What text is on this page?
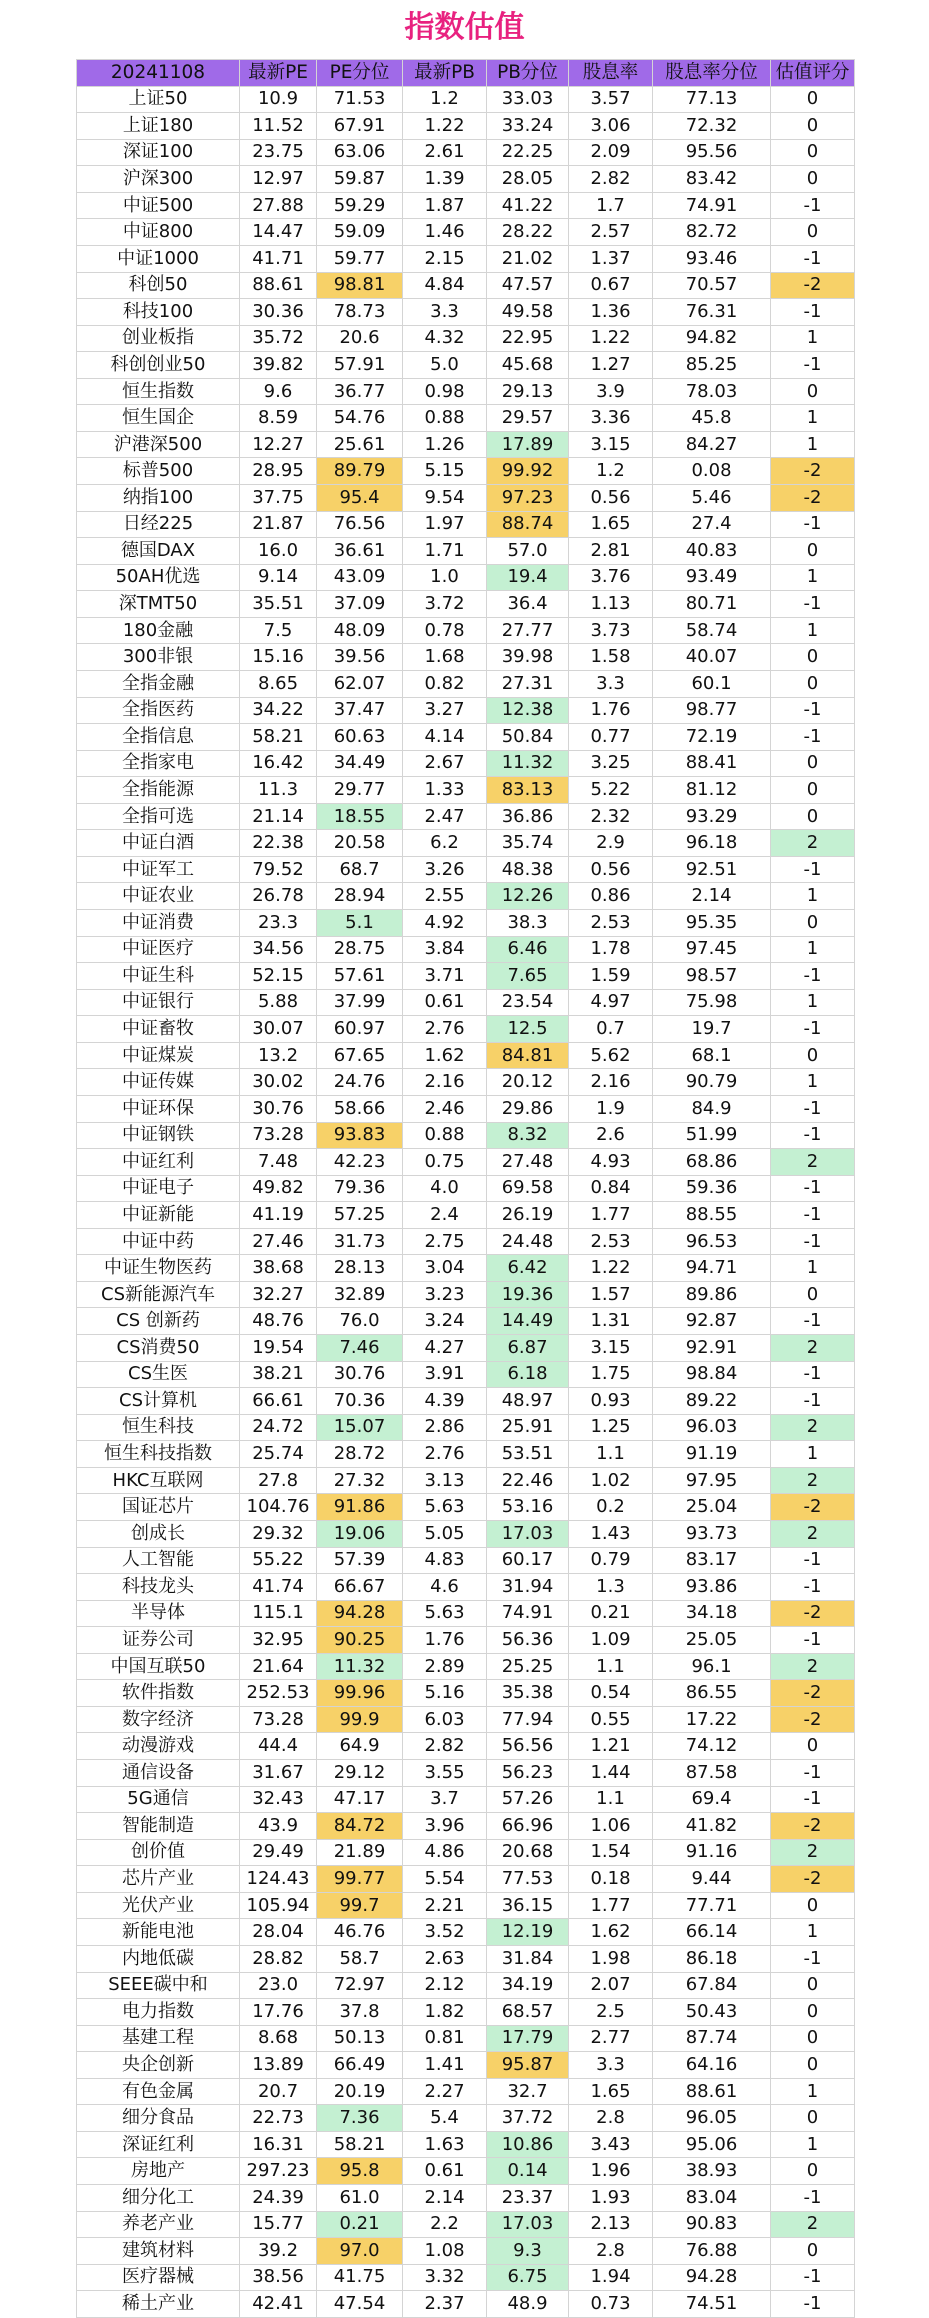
指数估值
20241108	最新PE	PE分位	最新PB	PB分位	股息率	股息率分位	估值评分
上证50	10.9	71.53	1.2	33.03	3.57	77.13	0
上证180	11.52	67.91	1.22	33.24	3.06	72.32	0
深证100	23.75	63.06	2.61	22.25	2.09	95.56	0
沪深300	12.97	59.87	1.39	28.05	2.82	83.42	0
中证500	27.88	59.29	1.87	41.22	1.7	74.91	-1
中证800	14.47	59.09	1.46	28.22	2.57	82.72	0
中证1000	41.71	59.77	2.15	21.02	1.37	93.46	-1
科创50	88.61	98.81	4.84	47.57	0.67	70.57	-2
科技100	30.36	78.73	3.3	49.58	1.36	76.31	-1
创业板指	35.72	20.6	4.32	22.95	1.22	94.82	1
科创创业50	39.82	57.91	5.0	45.68	1.27	85.25	-1
恒生指数	9.6	36.77	0.98	29.13	3.9	78.03	0
恒生国企	8.59	54.76	0.88	29.57	3.36	45.8	1
沪港深500	12.27	25.61	1.26	17.89	3.15	84.27	1
标普500	28.95	89.79	5.15	99.92	1.2	0.08	-2
纳指100	37.75	95.4	9.54	97.23	0.56	5.46	-2
日经225	21.87	76.56	1.97	88.74	1.65	27.4	-1
德国DAX	16.0	36.61	1.71	57.0	2.81	40.83	0
50AH优选	9.14	43.09	1.0	19.4	3.76	93.49	1
深TMT50	35.51	37.09	3.72	36.4	1.13	80.71	-1
180金融	7.5	48.09	0.78	27.77	3.73	58.74	1
300非银	15.16	39.56	1.68	39.98	1.58	40.07	0
全指金融	8.65	62.07	0.82	27.31	3.3	60.1	0
全指医药	34.22	37.47	3.27	12.38	1.76	98.77	-1
全指信息	58.21	60.63	4.14	50.84	0.77	72.19	-1
全指家电	16.42	34.49	2.67	11.32	3.25	88.41	0
全指能源	11.3	29.77	1.33	83.13	5.22	81.12	0
全指可选	21.14	18.55	2.47	36.86	2.32	93.29	0
中证白酒	22.38	20.58	6.2	35.74	2.9	96.18	2
中证军工	79.52	68.7	3.26	48.38	0.56	92.51	-1
中证农业	26.78	28.94	2.55	12.26	0.86	2.14	1
中证消费	23.3	5.1	4.92	38.3	2.53	95.35	0
中证医疗	34.56	28.75	3.84	6.46	1.78	97.45	1
中证生科	52.15	57.61	3.71	7.65	1.59	98.57	-1
中证银行	5.88	37.99	0.61	23.54	4.97	75.98	1
中证畜牧	30.07	60.97	2.76	12.5	0.7	19.7	-1
中证煤炭	13.2	67.65	1.62	84.81	5.62	68.1	0
中证传媒	30.02	24.76	2.16	20.12	2.16	90.79	1
中证环保	30.76	58.66	2.46	29.86	1.9	84.9	-1
中证钢铁	73.28	93.83	0.88	8.32	2.6	51.99	-1
中证红利	7.48	42.23	0.75	27.48	4.93	68.86	2
中证电子	49.82	79.36	4.0	69.58	0.84	59.36	-1
中证新能	41.19	57.25	2.4	26.19	1.77	88.55	-1
中证中药	27.46	31.73	2.75	24.48	2.53	96.53	-1
中证生物医药	38.68	28.13	3.04	6.42	1.22	94.71	1
CS新能源汽车	32.27	32.89	3.23	19.36	1.57	89.86	0
CS 创新药	48.76	76.0	3.24	14.49	1.31	92.87	-1
CS消费50	19.54	7.46	4.27	6.87	3.15	92.91	2
CS生医	38.21	30.76	3.91	6.18	1.75	98.84	-1
CS计算机	66.61	70.36	4.39	48.97	0.93	89.22	-1
恒生科技	24.72	15.07	2.86	25.91	1.25	96.03	2
恒生科技指数	25.74	28.72	2.76	53.51	1.1	91.19	1
HKC互联网	27.8	27.32	3.13	22.46	1.02	97.95	2
国证芯片	104.76	91.86	5.63	53.16	0.2	25.04	-2
创成长	29.32	19.06	5.05	17.03	1.43	93.73	2
人工智能	55.22	57.39	4.83	60.17	0.79	83.17	-1
科技龙头	41.74	66.67	4.6	31.94	1.3	93.86	-1
半导体	115.1	94.28	5.63	74.91	0.21	34.18	-2
证券公司	32.95	90.25	1.76	56.36	1.09	25.05	-1
中国互联50	21.64	11.32	2.89	25.25	1.1	96.1	2
软件指数	252.53	99.96	5.16	35.38	0.54	86.55	-2
数字经济	73.28	99.9	6.03	77.94	0.55	17.22	-2
动漫游戏	44.4	64.9	2.82	56.56	1.21	74.12	0
通信设备	31.67	29.12	3.55	56.23	1.44	87.58	-1
5G通信	32.43	47.17	3.7	57.26	1.1	69.4	-1
智能制造	43.9	84.72	3.96	66.96	1.06	41.82	-2
创价值	29.49	21.89	4.86	20.68	1.54	91.16	2
芯片产业	124.43	99.77	5.54	77.53	0.18	9.44	-2
光伏产业	105.94	99.7	2.21	36.15	1.77	77.71	0
新能电池	28.04	46.76	3.52	12.19	1.62	66.14	1
内地低碳	28.82	58.7	2.63	31.84	1.98	86.18	-1
SEEE碳中和	23.0	72.97	2.12	34.19	2.07	67.84	0
电力指数	17.76	37.8	1.82	68.57	2.5	50.43	0
基建工程	8.68	50.13	0.81	17.79	2.77	87.74	0
央企创新	13.89	66.49	1.41	95.87	3.3	64.16	0
有色金属	20.7	20.19	2.27	32.7	1.65	88.61	1
细分食品	22.73	7.36	5.4	37.72	2.8	96.05	0
深证红利	16.31	58.21	1.63	10.86	3.43	95.06	1
房地产	297.23	95.8	0.61	0.14	1.96	38.93	0
细分化工	24.39	61.0	2.14	23.37	1.93	83.04	-1
养老产业	15.77	0.21	2.2	17.03	2.13	90.83	2
建筑材料	39.2	97.0	1.08	9.3	2.8	76.88	0
医疗器械	38.56	41.75	3.32	6.75	1.94	94.28	-1
稀土产业	42.41	47.54	2.37	48.9	0.73	74.51	-1
